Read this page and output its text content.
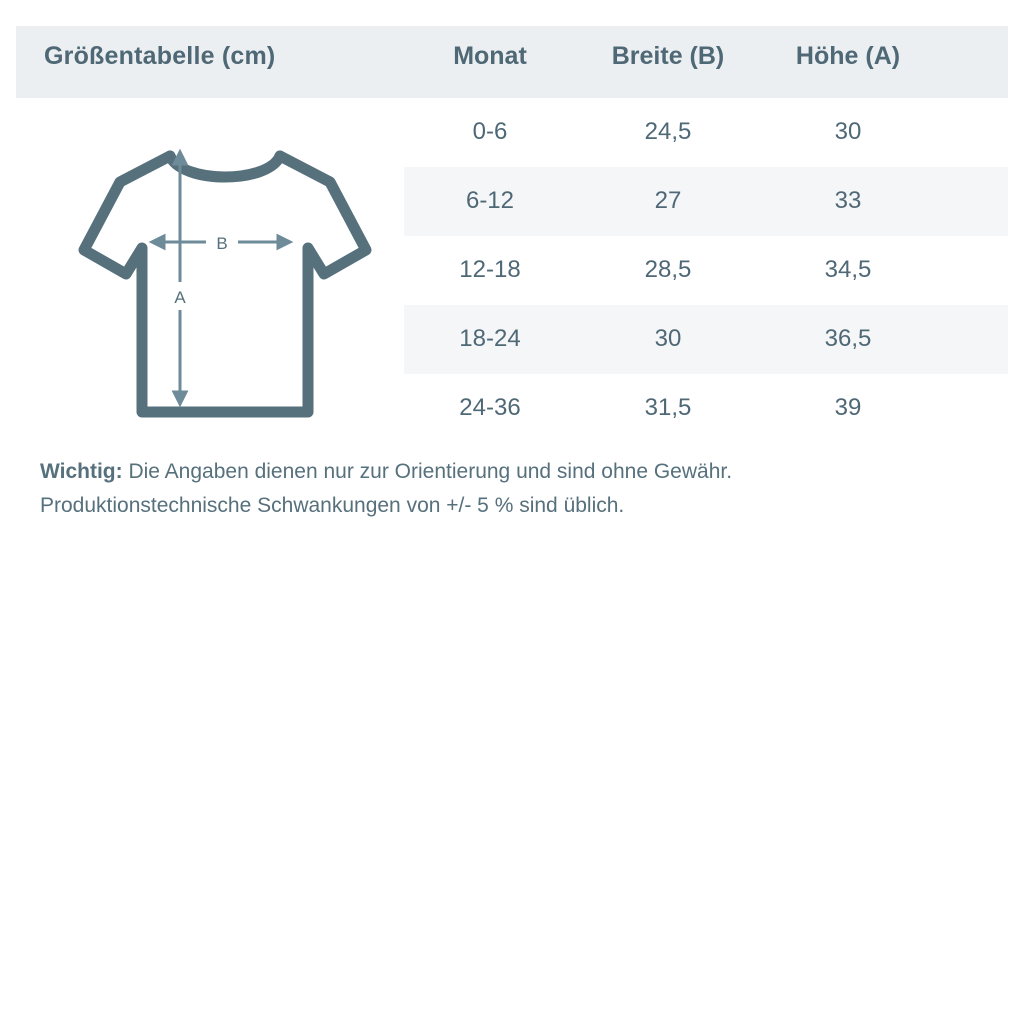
Größentabelle (cm)	Monat	Breite (B)	Höhe (A)
B
A
0-6	24,5	30
6-12	27	33
12-18	28,5	34,5
18-24	30	36,5
24-36	31,5	39
Wichtig: Die Angaben dienen nur zur Orientierung und sind ohne Gewähr.
Produktionstechnische Schwankungen von +/- 5 % sind üblich.
